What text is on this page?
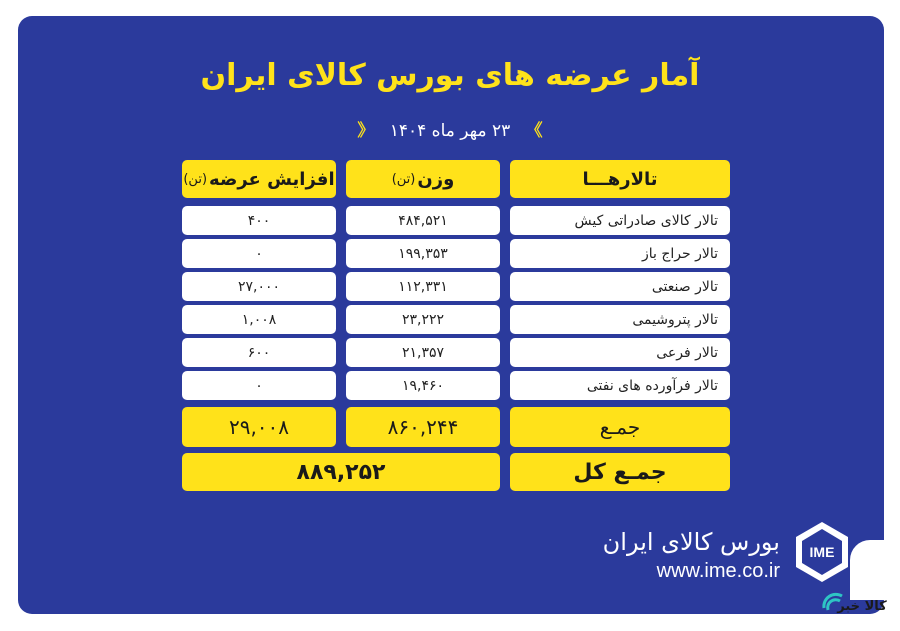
آمار عرضه های بورس کالای ایران
》 ۲۳ مهر ماه ۱۴۰۴ 《
تالارهـــا
وزن
(تن)
افزایش عرضه
(تن)
تالار کالای صادراتی کیش
۴۸۴,۵۲۱
۴۰۰
تالار حراج باز
۱۹۹,۳۵۳
۰
تالار صنعتی
۱۱۲,۳۳۱
۲۷,۰۰۰
تالار پتروشیمی
۲۳,۲۲۲
۱,۰۰۸
تالار فرعی
۲۱,۳۵۷
۶۰۰
تالار فرآورده های نفتی
۱۹,۴۶۰
۰
جمـع
۸۶۰,۲۴۴
۲۹,۰۰۸
جمـع کل
۸۸۹,۲۵۲
بورس کالای ایران
www.ime.co.ir
IME
کالا خبر
